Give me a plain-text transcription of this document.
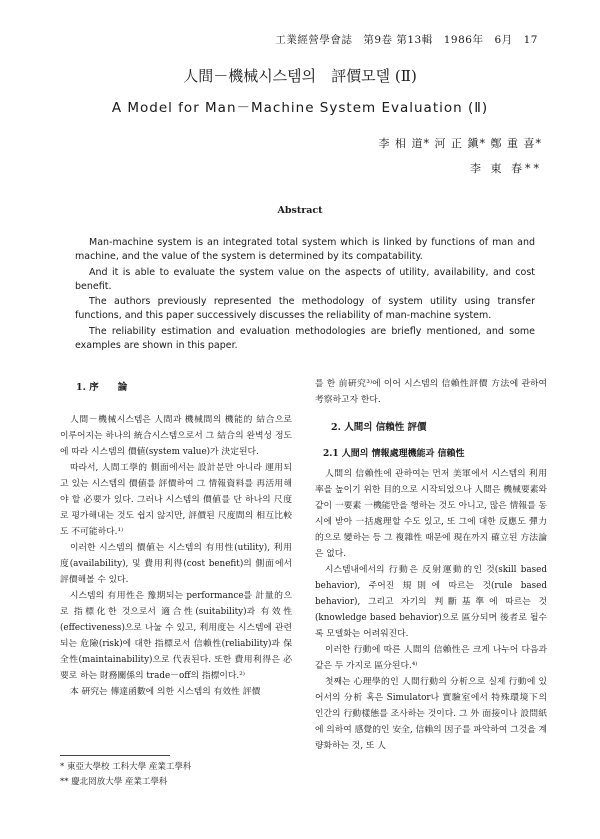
工業經營學會誌　第9卷 第13輯　1986年　6月　17
人間－機械시스템의　評價모델 (Ⅱ)
A Model for Man－Machine System Evaluation (Ⅱ)
李 相 道* 河 正 鎭* 鄭 重 喜*
李 東 春**
Abstract

Man-machine system is an integrated total system which is linked by functions of man and machine, and the value of the system is determined by its compatability.

And it is able to evaluate the system value on the aspects of utility, availability, and cost benefit.

The authors previously represented the methodology of system utility using transfer functions, and this paper successively discusses the reliability of man-machine system.

The reliability estimation and evaluation methodologies are briefly mentioned, and some examples are shown in this paper.

1. 序　　論

人間－機械시스템은 人間과 機械間의 機能的 結合으로 이루어지는 하나의 統合시스템으로서 그 結合의 완벽성 정도에 따라 시스템의 價値(system value)가 決定된다.

따라서, 人間工學的 側面에서는 設計분만 아니라 運用되고 있는 시스템의 價値를 評價하여 그 情報資料를 再活用해야 할 必要가 있다. 그러나 시스템의 價値를 단 하나의 尺度로 평가해내는 것도 쉽지 않지만, 評價된 尺度間의 相互比較도 不可能하다.¹⁾

이러한 시스템의 價値는 시스템의 有用性(utility), 利用度(availability), 및 費用利得(cost benefit)의 側面에서 評價해볼 수 있다.

시스템의 有用性은 豫期되는 performance를 計量的으로 指標化한 것으로서 適合性(suitability)과 有效性(effectiveness)으로 나눌 수 있고, 利用度는 시스템에 관련되는 危險(risk)에 대한 指標로서 信賴性(reliability)과 保全性(maintainability)으로 代表된다. 또한 費用利得은 必要로 하는 財務關係의 trade－off의 指標이다.²⁾

本 硏究는 傳達函數에 의한 시스템의 有效性 評價

를 한 前硏究³⁾에 이어 시스템의 信賴性評價 方法에 관하여 考察하고자 한다.

2. 人間의 信賴性 評價
2.1 人間의 情報處理機能과 信賴性

人間의 信賴性에 관하여는 먼저 美軍에서 시스템의 利用率을 높이기 위한 目的으로 시작되었으나 人間은 機械要素와 같이 一要素 一機能만을 행하는 것도 아니고, 많은 情報를 동시에 받아 一括處理할 수도 있고, 또 그에 대한 反應도 彈力的으로 變하는 등 그 複雜性 때문에 現在까지 確立된 方法論은 없다.

시스템내에서의 行動은 反射運動的인 것(skill based behavior), 주어진 規則에 따르는 것(rule based behavior), 그리고 자기의 判斷基準에 따르는 것(knowledge based behavior)으로 區分되며 後者로 될수록 모델화는 어려워진다.

이러한 行動에 따른 人間의 信賴性은 크게 나누어 다음과 같은 두 가지로 區分된다.⁴⁾

첫째는 心理學的인 人間行動의 分析으로 실제 行動에 있어서의 分析 혹은 Simulator나 實驗室에서 特殊環境下의 인간의 行動樣態를 조사하는 것이다. 그 外 面接이나 設問紙에 의하여 感覺的인 安全, 信賴의 因子를 파악하여 그것을 계량화하는 것, 또 人

* 東亞大學校 工科大學 産業工學科
** 慶北罔放大學 産業工學科
